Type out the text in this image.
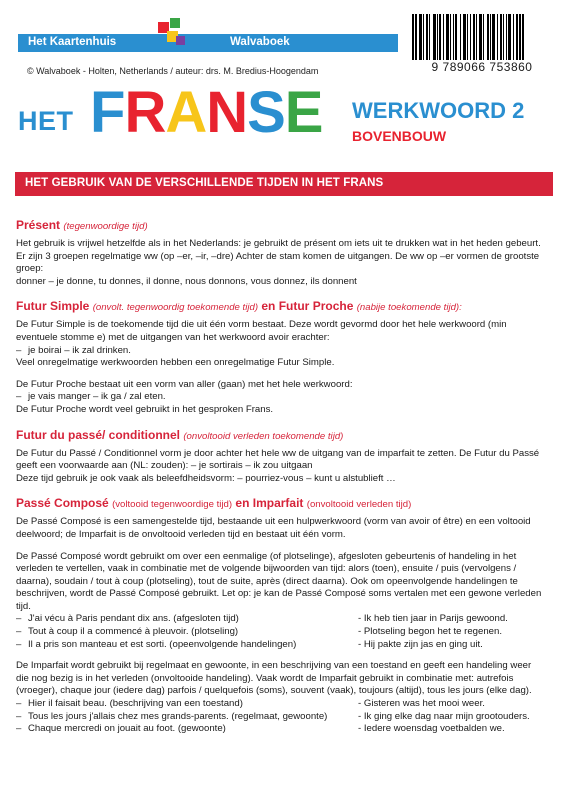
Het Kaartenhuis	Walvaboek
9 789066 753860
© Walvaboek - Holten, Netherlands / auteur: drs. M. Bredius-Hoogendam
HET FRANSE WERKWOORD 2
BOVENBOUW
HET GEBRUIK VAN DE VERSCHILLENDE TIJDEN IN HET FRANS
Présent (tegenwoordige tijd)

Het gebruik is vrijwel hetzelfde als in het Nederlands: je gebruikt de présent om iets uit te drukken wat in het heden gebeurt. Er zijn 3 groepen regelmatige ww (op –er, –ir, –dre) Achter de stam komen de uitgangen. De ww op –er vormen de grootste groep:

donner – je donne, tu donnes, il donne, nous donnons, vous donnez, ils donnent

Futur Simple (onvolt. tegenwoordig toekomende tijd) en Futur Proche (nabije toekomende tijd):

De Futur Simple is de toekomende tijd die uit één vorm bestaat. Deze wordt gevormd door het hele werkwoord (min eventuele stomme e) met de uitgangen van het werkwoord avoir erachter:

– je boirai – ik zal drinken.

Veel onregelmatige werkwoorden hebben een onregelmatige Futur Simple.

De Futur Proche bestaat uit een vorm van aller (gaan) met het hele werkwoord:

– je vais manger – ik ga / zal eten.

De Futur Proche wordt veel gebruikt in het gesproken Frans.

Futur du passé/ conditionnel (onvoltooid verleden toekomende tijd)

De Futur du Passé / Conditionnel vorm je door achter het hele ww de uitgang van de imparfait te zetten. De Futur du Passé geeft een voorwaarde aan (NL: zouden): – je sortirais – ik zou uitgaan

Deze tijd gebruik je ook vaak als beleefdheidsvorm: – pourriez-vous – kunt u alstublieft …

Passé Composé (voltooid tegenwoordige tijd) en Imparfait (onvoltooid verleden tijd)

De Passé Composé is een samengestelde tijd, bestaande uit een hulpwerkwoord (vorm van avoir of être) en een voltooid deelwoord; de Imparfait is de onvoltooid verleden tijd en bestaat uit één vorm.

De Passé Composé wordt gebruikt om over een eenmalige (of plotselinge), afgesloten gebeurtenis of handeling in het verleden te vertellen, vaak in combinatie met de volgende bijwoorden van tijd: alors (toen), ensuite / puis (vervolgens / daarna), soudain / tout à coup (plotseling), tout de suite, après (direct daarna). Ook om opeenvolgende handelingen te beschrijven, wordt de Passé Composé gebruikt. Let op: je kan de Passé Composé soms vertalen met een gewone verleden tijd.

– J'ai vécu à Paris pendant dix ans. (afgesloten tijd)	- Ik heb tien jaar in Parijs gewoond.
– Tout à coup il a commencé à pleuvoir. (plotseling)	- Plotseling begon het te regenen.
– Il a pris son manteau et est sorti. (opeenvolgende handelingen)	- Hij pakte zijn jas en ging uit.

De Imparfait wordt gebruikt bij regelmaat en gewoonte, in een beschrijving van een toestand en geeft een handeling weer die nog bezig is in het verleden (onvoltooide handeling). Vaak wordt de Imparfait gebruikt in combinatie met: autrefois (vroeger), chaque jour (iedere dag) parfois / quelquefois (soms), souvent (vaak), toujours (altijd), tous les jours (elke dag).

– Hier il faisait beau. (beschrijving van een toestand)	- Gisteren was het mooi weer.
– Tous les jours j'allais chez mes grands-parents. (regelmaat, gewoonte)	- Ik ging elke dag naar mijn grootouders.
– Chaque mercredi on jouait au foot. (gewoonte)	- Iedere woensdag voetbalden we.
